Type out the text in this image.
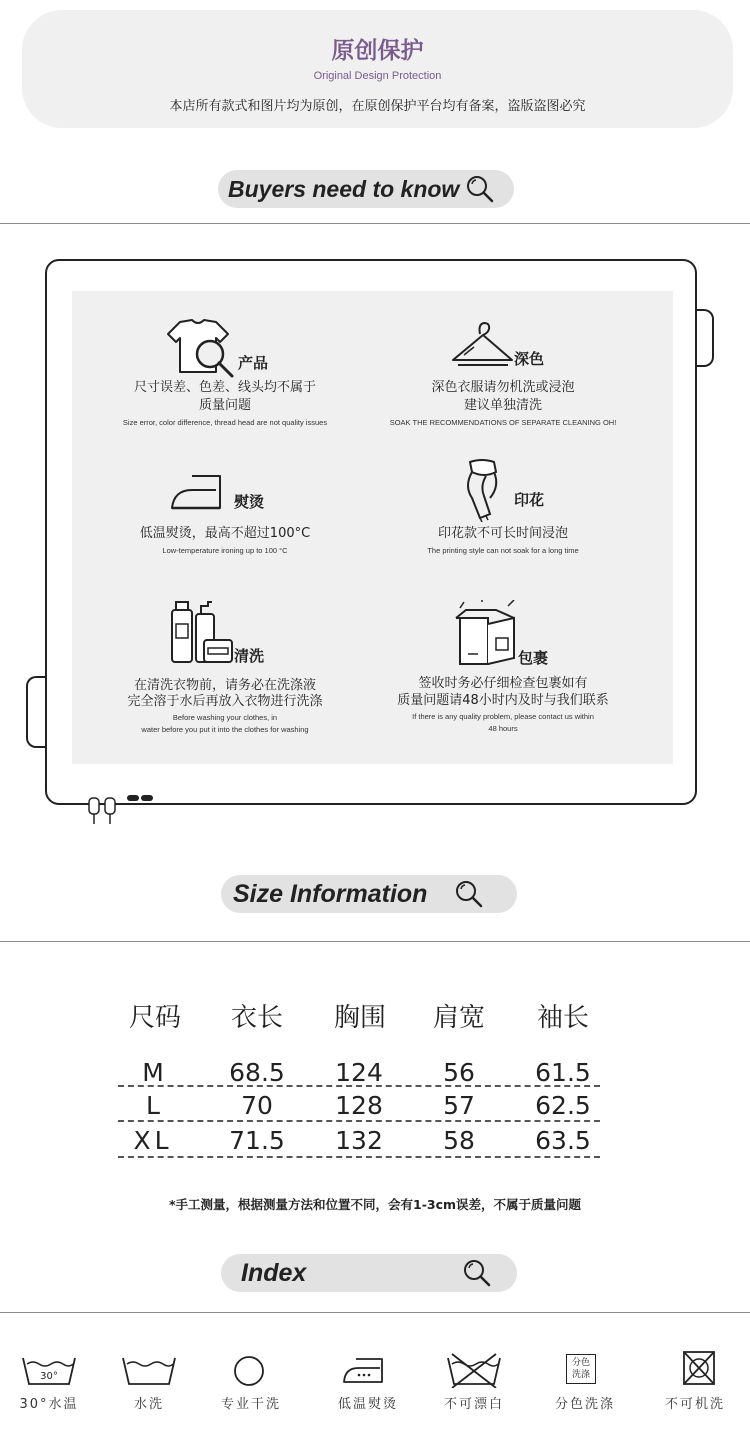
原创保护
Original Design Protection
本店所有款式和图片均为原创，在原创保护平台均有备案，盗版盗图必究
Buyers need to know
产品
尺寸误差、色差、线头均不属于
质量问题
Size error, color difference, thread head are not quality issues
深色
深色衣服请勿机洗或浸泡
建议单独清洗
SOAK THE RECOMMENDATIONS OF SEPARATE CLEANING OH!
熨烫
低温熨烫，最高不超过100°C
Low-temperature ironing up to 100 °C
印花
印花款不可长时间浸泡
The printing style can not soak for a long time
清洗
在清洗衣物前，请务必在洗涤液
完全溶于水后再放入衣物进行洗涤
Before washing your clothes, in
water before you put it into the clothes for washing
包裹
签收时务必仔细检查包裹如有
质量问题请48小时内及时与我们联系
If there is any quality problem, please contact us within
48 hours
Size Information
尺码	衣长	胸围	肩宽	袖长
M	68.5	124	56	61.5
L	70	128	57	62.5
XL	71.5	132	58	63.5
*手工测量，根据测量方法和位置不同，会有1-3cm误差，不属于质量问题
Index
30°
30°水温	水洗	专业干洗	低温熨烫	不可漂白
分色
洗涤
分色洗涤	不可机洗
